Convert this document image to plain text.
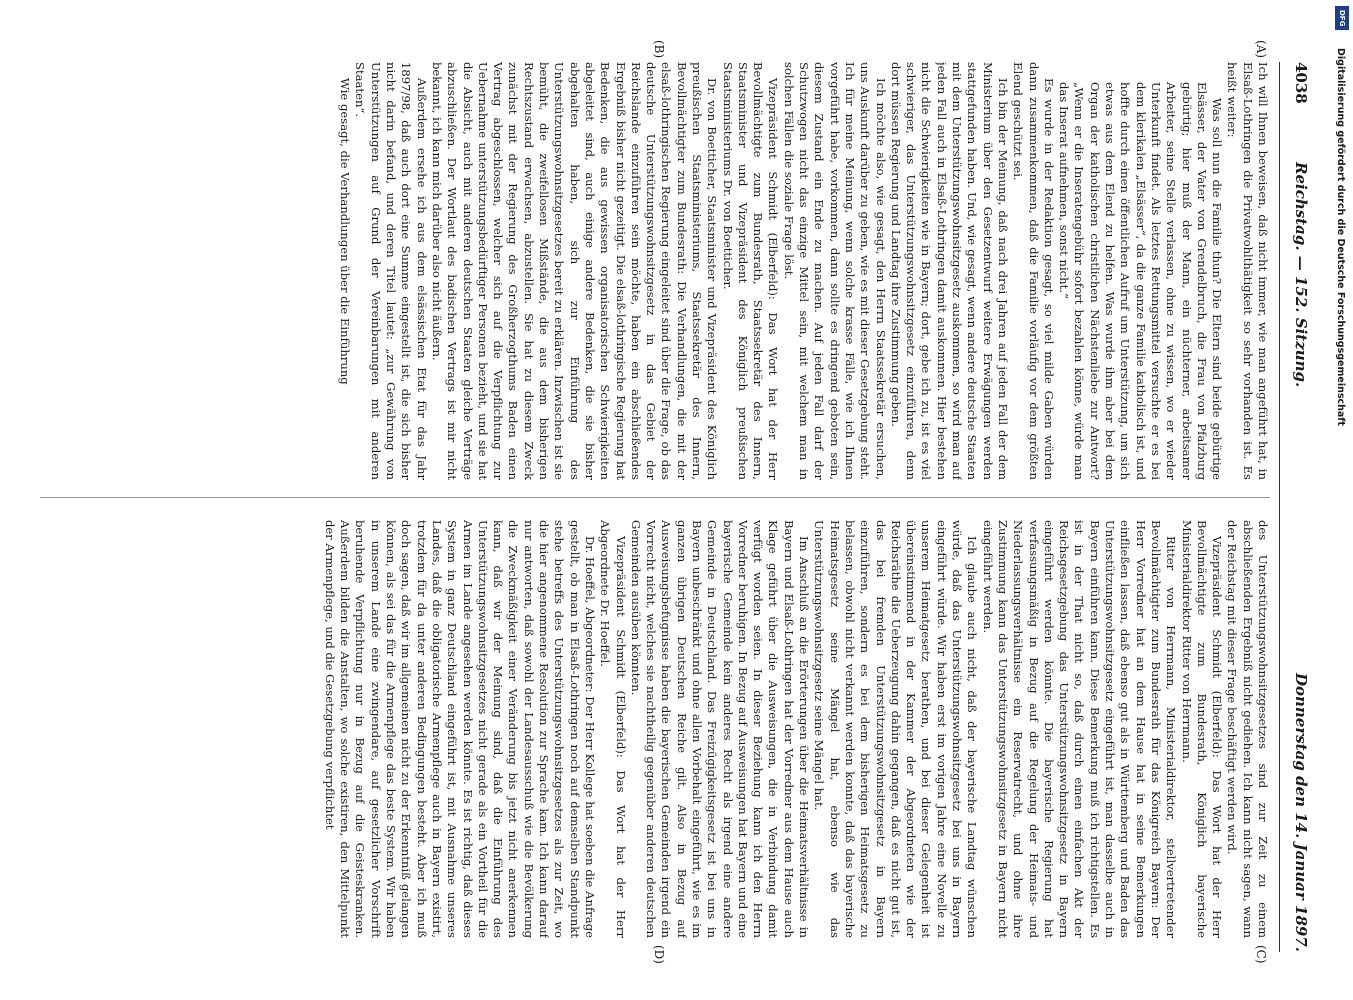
4038
Reichstag. — 152. Sitzung.
Donnerstag den 14. Januar 1897.
(A)
(B)
(C)
(D)

Ich will Ihnen beweisen, daß nicht immer, wie man angeführt hat, in Elsaß-Lothringen die Privatwohlthätigkeit so sehr vorhanden ist. Es heißt weiter:

Was soll nun die Familie thun? Die Eltern sind beide gebürtige Elsässer, der Vater von Grendelbruch, die Frau von Pfalzburg gebürtig; hier muß der Mann, ein nüchterner, arbeitsamer Arbeiter, seine Stelle verlassen, ohne zu wissen, wo er wieder Unterkunft findet. Als letztes Rettungsmittel versuchte er es bei dem klerikalen „Elsässer“, da die ganze Familie katholisch ist, und hoffte durch einen öffentlichen Aufruf um Unterstützung, um sich etwas aus dem Elend zu helfen. Was wurde ihm aber bei dem Organ der katholischen christlichen Nächstenliebe zur Antwort? „Wenn er die Inseratengebühr sofort bezahlen könne, würde man das Inserat aufnehmen, sonst nicht.“

Es wurde in der Redaktion gesagt, so viel milde Gaben würden dann zusammenkommen, daß die Familie vorläufig vor dem größten Elend geschützt sei.

Ich bin der Meinung, daß nach drei Jahren auf jeden Fall der dem Ministerium über den Gesetzentwurf weitere Erwägungen werden stattgefunden haben. Und, wie gesagt, wenn andere deutsche Staaten mit dem Unterstützungswohnsitzgesetz auskommen, so wird man auf jeden Fall auch in Elsaß-Lothringen damit auskommen. Hier bestehen nicht die Schwierigkeiten wie in Bayern; dort, gebe ich zu, ist es viel schwieriger, das Unterstützungswohnsitzgesetz einzuführen, denn dort müssen Regierung und Landtag ihre Zustimmung geben.

Ich möchte also, wie gesagt, den Herrn Staatssekretär ersuchen, uns Auskunft darüber zu geben, wie es mit dieser Gesetzgebung steht. Ich für meine Meinung, wenn solche krasse Fälle, wie ich Ihnen vorgeführt habe, vorkommen, dann sollte es dringend geboten sein, diesem Zustand ein Ende zu machen. Auf jeden Fall darf der Schutzwogen nicht das einzige Mittel sein, mit welchem man in solchen Fällen die soziale Frage löst.

Vizepräsident Schmidt (Elberfeld): Das Wort hat der Herr Bevollmächtigte zum Bundesrath, Staatssekretär des Innern, Staatsminister und Vizepräsident des Königlich preußischen Staatsministeriums Dr. von Boetticher.

Dr. von Boetticher, Staatsminister und Vizepräsident des Königlich preußischen Staatsministeriums, Staatssekretär des Innern, Bevollmächtigter zum Bundesrath: Die Verhandlungen, die mit der elsaß-lothringischen Regierung eingeleitet sind über die Frage, ob das deutsche Unterstützungswohnsitzgesetz in das Gebiet der Reichslande einzuführen sein möchte, haben ein abschließendes Ergebniß bisher nicht gezeitigt. Die elsaß-lothringische Regierung hat Bedenken, die aus gewissen organisatorischen Schwierigkeiten abgeleitet sind, auch einige andere Bedenken, die sie bisher abgehalten haben, sich zur Einführung des Unterstützungswohnsitzgesetzes bereit zu erklären. Inzwischen ist sie bemüht, die zweifellosen Mißstände, die aus dem bisherigen Rechtszustand erwachsen, abzustellen. Sie hat zu diesem Zweck zunächst mit der Regierung des Großherzogthums Baden einen Vertrag abgeschlossen, welcher sich auf die Verpflichtung zur Uebernahme unterstützungsbedürftiger Personen bezieht, und sie hat die Absicht, auch mit anderen deutschen Staaten gleiche Verträge abzuschließen. Der Wortlaut des badischen Vertrags ist mir nicht bekannt, ich kann mich darüber also nicht äußern.

Außerdem ersehe ich aus dem elsässischen Etat für das Jahr 1897/98, daß auch dort eine Summe eingestellt ist, die sich bisher nicht darin befand, und deren Titel lautet: „zur Gewährung von Unterstützungen auf Grund der Vereinbarungen mit anderen Staaten“.

Wie gesagt, die Verhandlungen über die Einführung

des Unterstützungswohnsitzgesetzes sind zur Zeit zu einem abschließenden Ergebniß nicht gediehen. Ich kann nicht sagen, wann der Reichstag mit dieser Frage beschäftigt werden wird.

Vizepräsident Schmidt (Elberfeld): Das Wort hat der Herr Bevollmächtigte zum Bundesrath, Königlich bayerische Ministerialdirektor Ritter von Herrmann.

Ritter von Herrmann, Ministerialdirektor, stellvertretender Bevollmächtigter zum Bundesrath für das Königreich Bayern: Der Herr Vorredner hat an dem Hause hat in seine Bemerkungen einfließen lassen, daß ebenso gut als in Württemberg und Baden das Unterstützungswohnsitzgesetz eingeführt ist, man dasselbe auch in Bayern einführen kann. Diese Bemerkung muß ich richtigstellen. Es ist in der That nicht so, daß durch einen einfachen Akt der Reichsgesetzgebung das Unterstützungswohnsitzgesetz in Bayern eingeführt werden könnte. Die bayerische Regierung hat verfassungsmäßig in Bezug auf die Regelung der Heimats- und Niederlassungsverhältnisse ein Reservatrecht, und ohne ihre Zustimmung kann das Unterstützungswohnsitzgesetz in Bayern nicht eingeführt werden.

Ich glaube auch nicht, daß der bayerische Landtag wünschen würde, daß das Unterstützungswohnsitzgesetz bei uns in Bayern eingeführt würde. Wir haben erst im vorigen Jahre eine Novelle zu unserem Heimatgesetz berathen, und bei dieser Gelegenheit ist übereinstimmend in der Kammer der Abgeordneten wie der Reichsräthe die Ueberzeugung dahin gegangen, daß es nicht gut ist, das bei fremden Unterstützungswohnsitzgesetz in Bayern einzuführen, sondern es bei dem bisherigen Heimatsgesetz zu belassen, obwohl nicht verkannt werden konnte, daß das bayerische Heimatsgesetz seine Mängel hat, ebenso wie das Unterstützungswohnsitzgesetz seine Mängel hat.

Im Anschluß an die Erörterungen über die Heimatsverhältnisse in Bayern und Elsaß-Lothringen hat der Vorredner aus dem Hause auch Klage geführt über die Ausweisungen, die in Verbindung damit verfügt worden seien. In dieser Beziehung kann ich den Herrn Vorredner beruhigen. In Bezug auf Ausweisungen hat Bayern und eine bayerische Gemeinde kein anderes Recht als irgend eine andere Gemeinde in Deutschland. Das Freizügigkeitsgesetz ist bei uns in Bayern unbeschränkt und ohne allen Vorbehalt eingeführt, wie es im ganzen übrigen Deutschen Reiche gilt. Also in Bezug auf Ausweisungsbefugnisse haben die bayerischen Gemeinden irgend ein Vorrecht nicht, welches sie nachtheilig gegenüber anderen deutschen Gemeinden ausüben könnten.

Vizepräsident Schmidt (Elberfeld): Das Wort hat der Herr Abgeordnete Dr. Hoeffel.

Dr. Hoeffel, Abgeordneter: Der Herr Kollege hat soeben die Anfrage gestellt, ob man in Elsaß-Lothringen noch auf demselben Standpunkt stehe betreffs des Unterstützungswohnsitzgesetzes als zur Zeit, wo die hier angenommene Resolution zur Sprache kam. Ich kann darauf nur antworten, daß sowohl der Landesausschuß wie die Bevölkerung die Zweckmäßigkeit einer Veränderung bis jetzt nicht anerkennen kann, daß wir der Meinung sind, daß die Einführung des Unterstützungswohnsitzgesetzes nicht gerade als ein Vortheil für die Armen im Lande angesehen werden könnte. Es ist richtig, daß dieses System in ganz Deutschland eingeführt ist, mit Ausnahme unseres Landes, daß die obligatorische Armenpflege auch in Bayern existirt, trotzdem für da unter anderen Bedingungen besteht. Aber ich muß doch sagen, daß wir im allgemeinen nicht zu der Erkenntniß gelangen können, als sei das für die Armenpflege das beste System. Wir haben in unserem Lande eine zwingendare, auf gesetzlicher Vorschrift beruhende Verpflichtung nur in Bezug auf die Geisteskranken. Außerdem bilden die Anstalten, wo solche existiren, den Mittelpunkt der Armenpflege, und die Gesetzgebung verpflichtet

DFG
Digitalisierung gefördert durch die Deutsche Forschungsgemeinschaft
